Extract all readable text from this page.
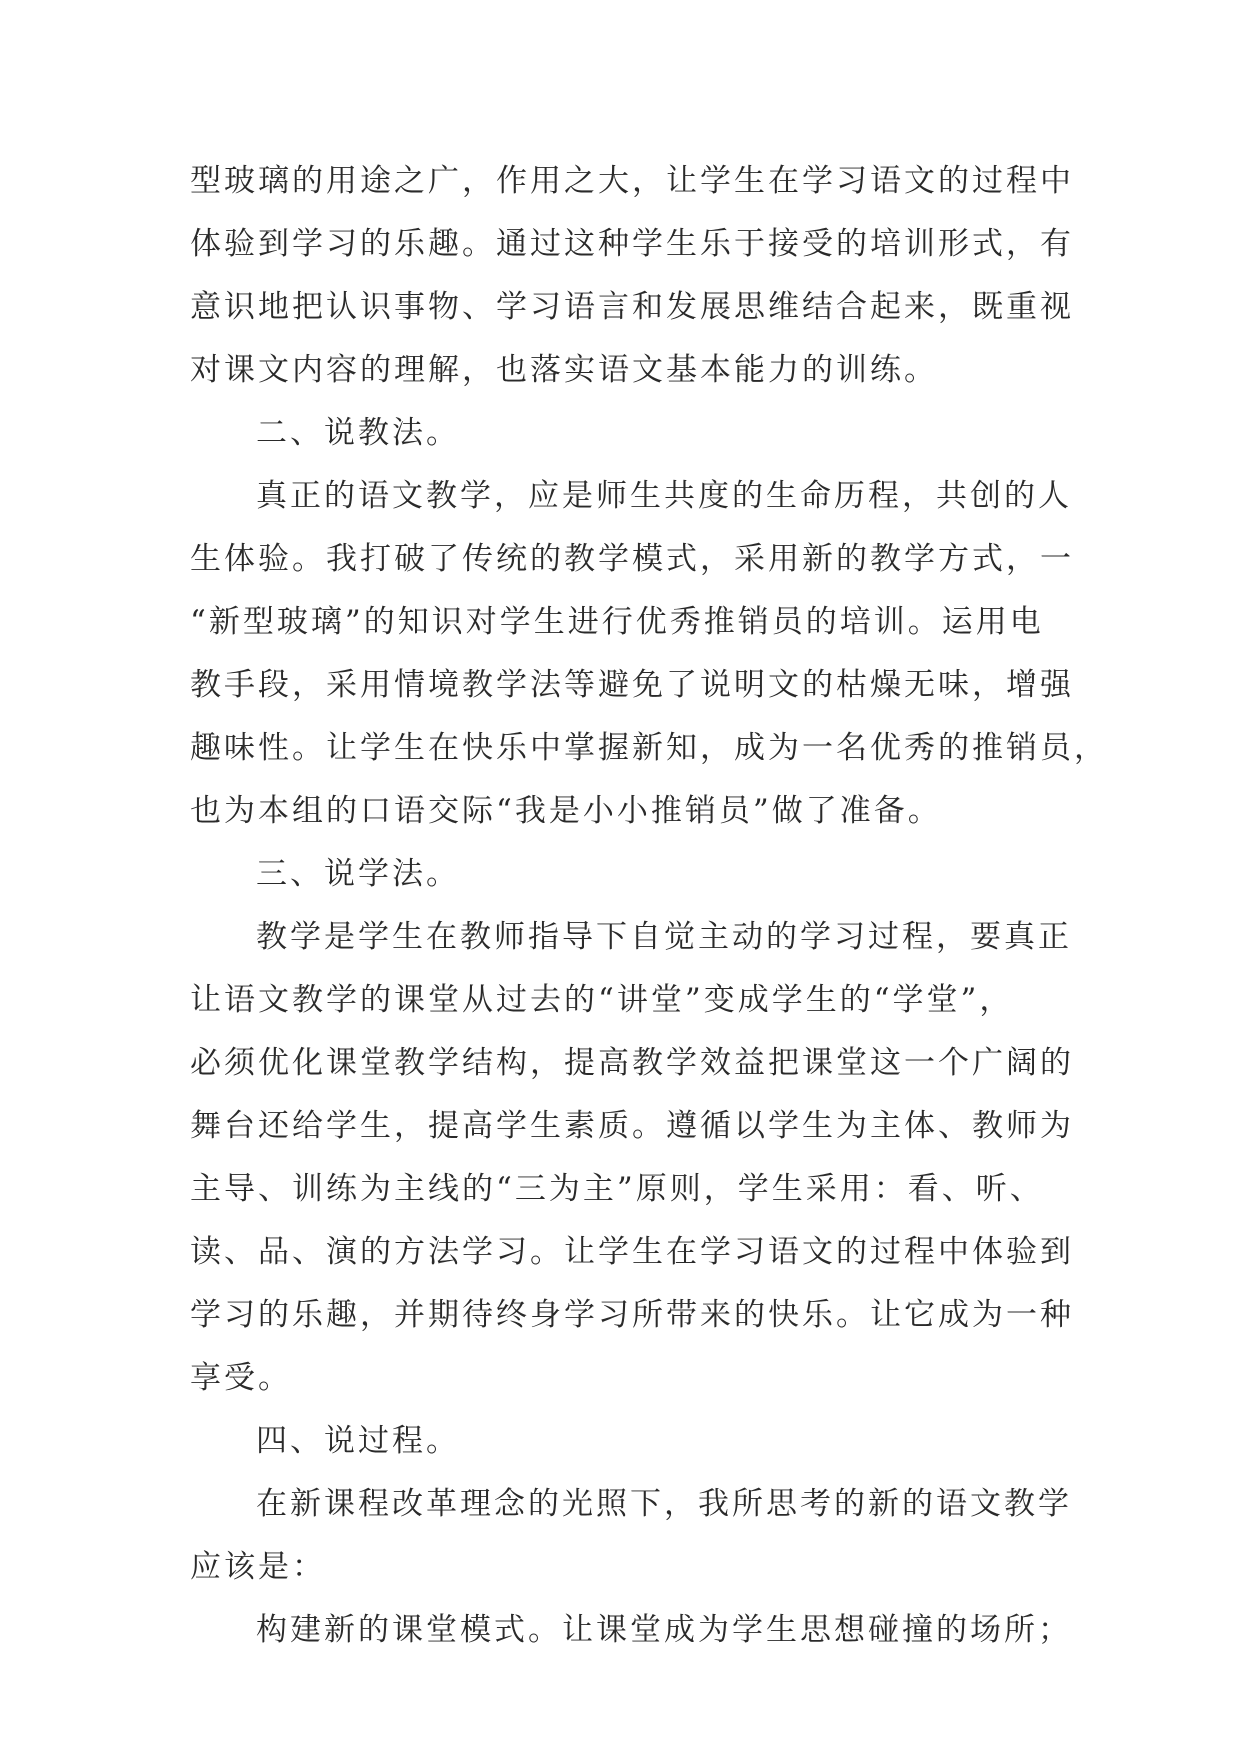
型玻璃的用途之广，作用之大，让学生在学习语文的过程中

体验到学习的乐趣。通过这种学生乐于接受的培训形式，有

意识地把认识事物、学习语言和发展思维结合起来，既重视

对课文内容的理解，也落实语文基本能力的训练。

二、说教法。

真正的语文教学，应是师生共度的生命历程，共创的人

生体验。我打破了传统的教学模式，采用新的教学方式，一

“新型玻璃”的知识对学生进行优秀推销员的培训。运用电

教手段，采用情境教学法等避免了说明文的枯燥无味，增强

趣味性。让学生在快乐中掌握新知，成为一名优秀的推销员，

也为本组的口语交际“我是小小推销员”做了准备。

三、说学法。

教学是学生在教师指导下自觉主动的学习过程，要真正

让语文教学的课堂从过去的“讲堂”变成学生的“学堂”，

必须优化课堂教学结构，提高教学效益把课堂这一个广阔的

舞台还给学生，提高学生素质。遵循以学生为主体、教师为

主导、训练为主线的“三为主”原则，学生采用：看、听、

读、品、演的方法学习。让学生在学习语文的过程中体验到

学习的乐趣，并期待终身学习所带来的快乐。让它成为一种

享受。

四、说过程。

在新课程改革理念的光照下，我所思考的新的语文教学

应该是：

构建新的课堂模式。让课堂成为学生思想碰撞的场所；
